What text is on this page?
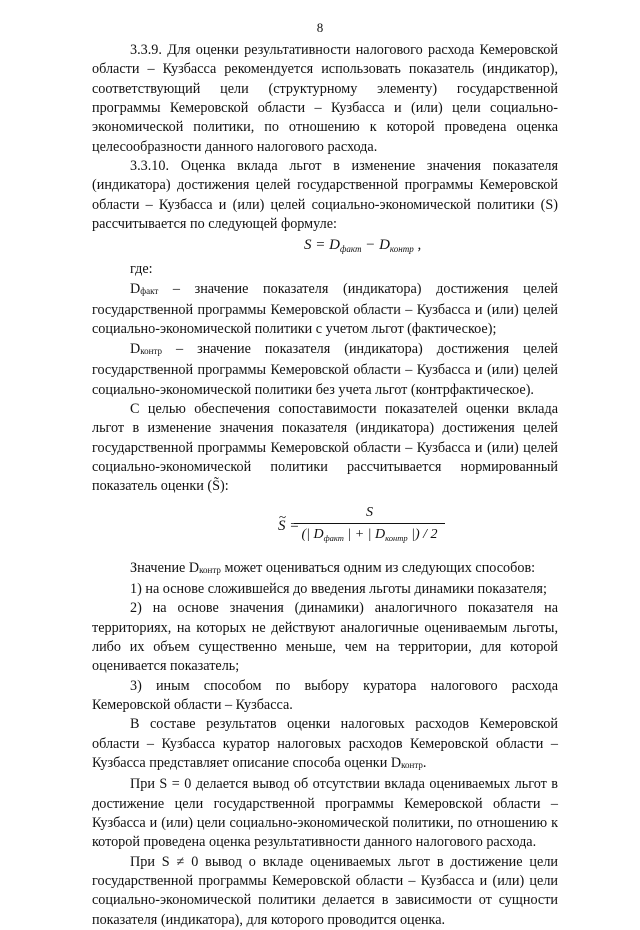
8

3.3.9. Для оценки результативности налогового расхода Кемеровской области – Кузбасса рекомендуется использовать показатель (индикатор), соответствующий цели (структурному элементу) государственной программы Кемеровской области – Кузбасса и (или) цели социально-экономической политики, по отношению к которой проведена оценка целесообразности данного налогового расхода.

3.3.10. Оценка вклада льгот в изменение значения показателя (индикатора) достижения целей государственной программы Кемеровской области – Кузбасса и (или) целей социально-экономической политики (S) рассчитывается по следующей формуле:

$S = D_{факт} - D_{контр}$ ,

где:

Dфакт – значение показателя (индикатора) достижения целей государственной программы Кемеровской области – Кузбасса и (или) целей социально-экономической политики с учетом льгот (фактическое);

Dконтр – значение показателя (индикатора) достижения целей государственной программы Кемеровской области – Кузбасса и (или) целей социально-экономической политики без учета льгот (контрфактическое).

С целью обеспечения сопоставимости показателей оценки вклада льгот в изменение значения показателя (индикатора) достижения целей государственной программы Кемеровской области – Кузбасса и (или) целей социально-экономической политики рассчитывается нормированный показатель оценки (S̃):

~ S =
S
(| $D_{факт}$ | + | $D_{контр}$ |) / 2

Значение Dконтр может оцениваться одним из следующих способов:

1) на основе сложившейся до введения льготы динамики показателя;

2) на основе значения (динамики) аналогичного показателя на территориях, на которых не действуют аналогичные оцениваемым льготы, либо их объем существенно меньше, чем на территории, для которой оценивается показатель;

3) иным способом по выбору куратора налогового расхода Кемеровской области – Кузбасса.

В составе результатов оценки налоговых расходов Кемеровской области – Кузбасса куратор налоговых расходов Кемеровской области – Кузбасса представляет описание способа оценки Dконтр.

При S = 0 делается вывод об отсутствии вклада оцениваемых льгот в достижение цели государственной программы Кемеровской области – Кузбасса и (или) цели социально-экономической политики, по отношению к которой проведена оценка результативности данного налогового расхода.

При S ≠ 0 вывод о вкладе оцениваемых льгот в достижение цели государственной программы Кемеровской области – Кузбасса и (или) цели социально-экономической политики делается в зависимости от сущности показателя (индикатора), для которого проводится оценка.
